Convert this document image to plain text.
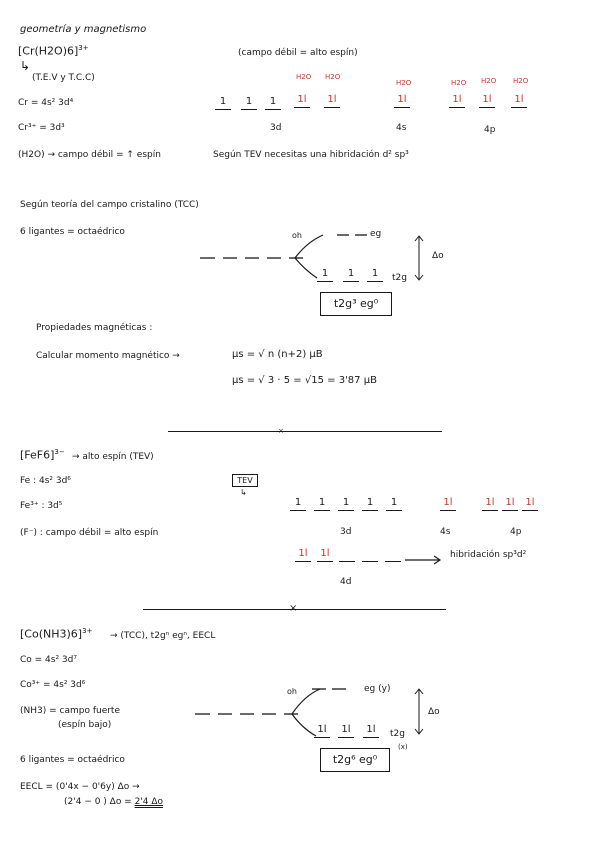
geometría y magnetismo
$[Cr(H2O)6]^{3+}$
↳
(T.E.V y T.C.C)
(campo débil = alto espín)
Cr = 4s² 3d⁴
Cr³⁺ = 3d³
(H2O) → campo débil = ↑ espín	Según TEV necesitas una hibridación d² sp³
1	1	1	1l	1l
H2O H2O
3d
1l
H2O
4s
1l	1l	1l
H2O H2O H2O
4p
Según teoría del campo cristalino (TCC)
6 ligantes = octaédrico	oh	eg
Δo
1	1	1	t2g
t2g³ eg⁰
Propiedades magnéticas :
Calcular momento magnético →	μs = √ n (n+2) μB
μs = √ 3 · 5 = √15 = 3'87 μB
×
$[FeF6]^{3-}$ → alto espín (TEV)
Fe : 4s² 3d⁶
Fe³⁺ : 3d⁵
(F⁻) : campo débil = alto espín
TEV
↳
1	1	1	1	1
3d
1l
4s
1l	1l	1l
4p
1l	1l
4d
hibridación sp³d²
×
$[Co(NH3)6]^{3+} \to (TCC)$, t2gⁿ egⁿ, EECL
Co = 4s² 3d⁷
Co³⁺ = 4s² 3d⁶
(NH3) = campo fuerte
(espín bajo)
6 ligantes = octaédrico
oh	eg (y)
Δo
1l	1l	1l	t2g
(x)
t2g⁶ eg⁰
EECL = (0'4x − 0'6y) Δo →
(2'4 − 0 ) Δo = 2'4 Δo
